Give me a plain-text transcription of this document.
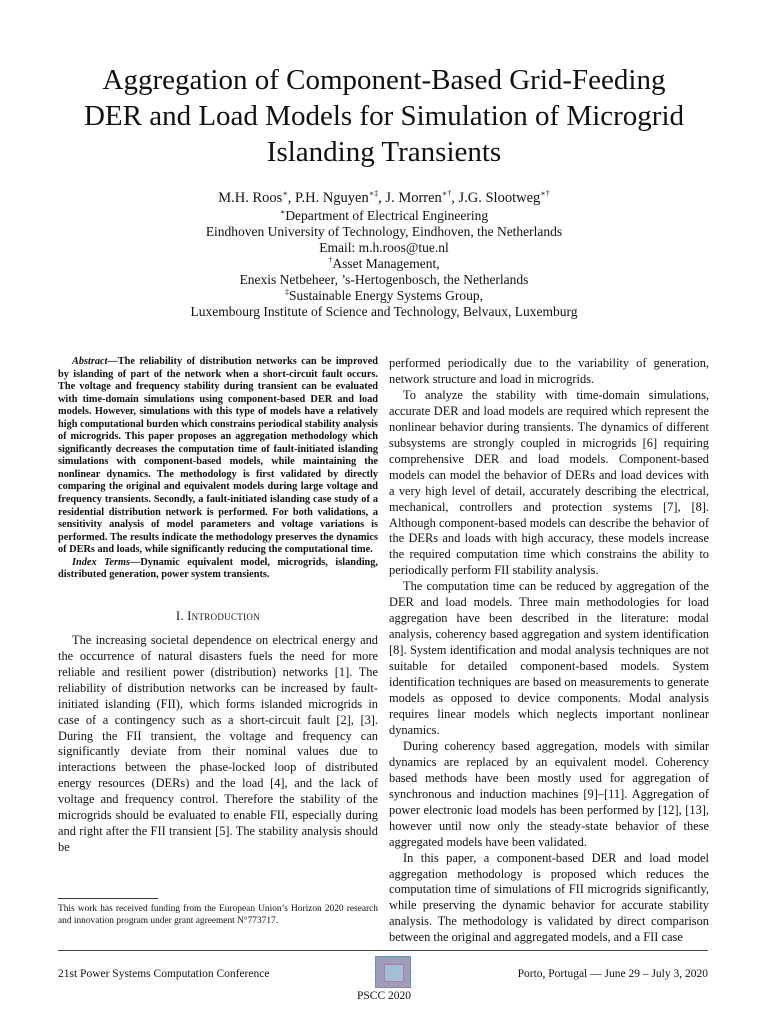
Aggregation of Component-Based Grid-Feeding
DER and Load Models for Simulation of Microgrid
Islanding Transients
M.H. Roos∗, P.H. Nguyen∗‡, J. Morren∗†, J.G. Slootweg∗†
∗Department of Electrical Engineering
Eindhoven University of Technology, Eindhoven, the Netherlands
Email: m.h.roos@tue.nl
†Asset Management,
Enexis Netbeheer, ’s-Hertogenbosch, the Netherlands
‡Sustainable Energy Systems Group,
Luxembourg Institute of Science and Technology, Belvaux, Luxemburg

Abstract—The reliability of distribution networks can be improved by islanding of part of the network when a short-circuit fault occurs. The voltage and frequency stability during transient can be evaluated with time-domain simulations using component-based DER and load models. However, simulations with this type of models have a relatively high computational burden which constrains periodical stability analysis of microgrids. This paper proposes an aggregation methodology which significantly decreases the computation time of fault-initiated islanding simulations with component-based models, while maintaining the nonlinear dynamics. The methodology is first validated by directly comparing the original and equivalent models during large voltage and frequency transients. Secondly, a fault-initiated islanding case study of a residential distribution network is performed. For both validations, a sensitivity analysis of model parameters and voltage variations is performed. The results indicate the methodology preserves the dynamics of DERs and loads, while significantly reducing the computational time.

Index Terms—Dynamic equivalent model, microgrids, islanding, distributed generation, power system transients.

I. Introduction

The increasing societal dependence on electrical energy and the occurrence of natural disasters fuels the need for more reliable and resilient power (distribution) networks [1]. The reliability of distribution networks can be increased by fault-initiated islanding (FII), which forms islanded microgrids in case of a contingency such as a short-circuit fault [2], [3]. During the FII transient, the voltage and frequency can significantly deviate from their nominal values due to interactions between the phase-locked loop of distributed energy resources (DERs) and the load [4], and the lack of voltage and frequency control. Therefore the stability of the microgrids should be evaluated to enable FII, especially during and right after the FII transient [5]. The stability analysis should be

performed periodically due to the variability of generation, network structure and load in microgrids.

To analyze the stability with time-domain simulations, accurate DER and load models are required which represent the nonlinear behavior during transients. The dynamics of different subsystems are strongly coupled in microgrids [6] requiring comprehensive DER and load models. Component-based models can model the behavior of DERs and load devices with a very high level of detail, accurately describing the electrical, mechanical, controllers and protection systems [7], [8]. Although component-based models can describe the behavior of the DERs and loads with high accuracy, these models increase the required computation time which constrains the ability to periodically perform FII stability analysis.

The computation time can be reduced by aggregation of the DER and load models. Three main methodologies for load aggregation have been described in the literature: modal analysis, coherency based aggregation and system identification [8]. System identification and modal analysis techniques are not suitable for detailed component-based models. System identification techniques are based on measurements to generate models as opposed to device components. Modal analysis requires linear models which neglects important nonlinear dynamics.

During coherency based aggregation, models with similar dynamics are replaced by an equivalent model. Coherency based methods have been mostly used for aggregation of synchronous and induction machines [9]–[11]. Aggregation of power electronic load models has been performed by [12], [13], however until now only the steady-state behavior of these aggregated models have been validated.

In this paper, a component-based DER and load model aggregation methodology is proposed which reduces the computation time of simulations of FII microgrids significantly, while preserving the dynamic behavior for accurate stability analysis. The methodology is validated by direct comparison between the original and aggregated models, and a FII case

This work has received funding from the European Union’s Horizon 2020 research and innovation program under grant agreement N°773717.
21st Power Systems Computation Conference	Porto, Portugal — June 29 – July 3, 2020
PSCC 2020
